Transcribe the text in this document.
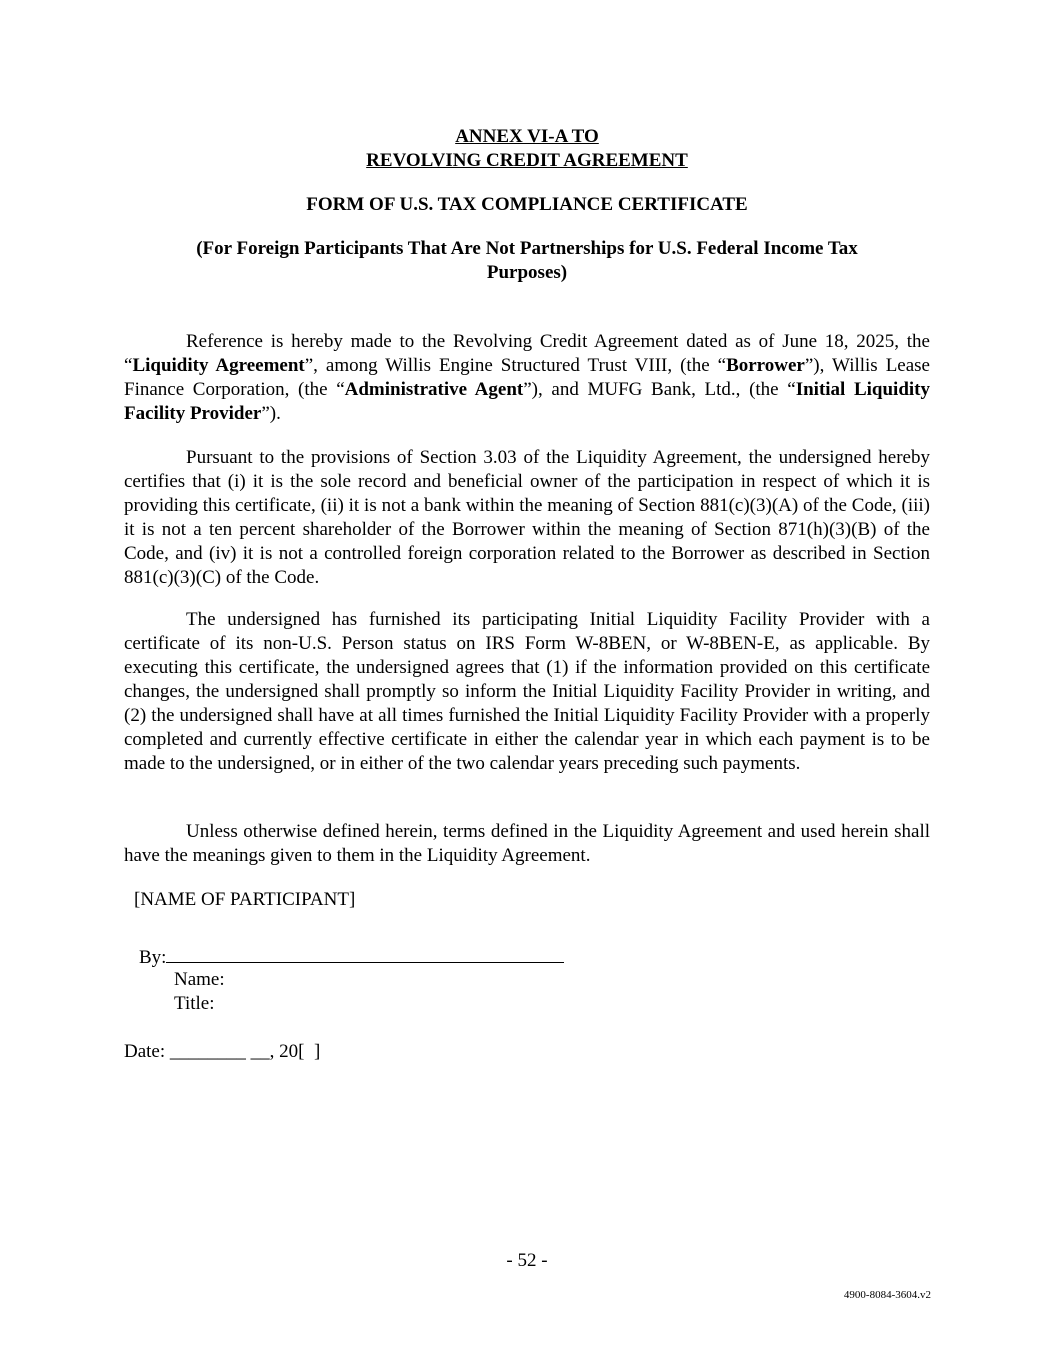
ANNEX VI-A TO
REVOLVING CREDIT AGREEMENT
FORM OF U.S. TAX COMPLIANCE CERTIFICATE
(For Foreign Participants That Are Not Partnerships for U.S. Federal Income Tax Purposes)

Reference is hereby made to the Revolving Credit Agreement dated as of June 18, 2025, the “Liquidity Agreement”, among Willis Engine Structured Trust VIII, (the “Borrower”), Willis Lease Finance Corporation, (the “Administrative Agent”), and MUFG Bank, Ltd., (the “Initial Liquidity Facility Provider”).

Pursuant to the provisions of Section 3.03 of the Liquidity Agreement, the undersigned hereby certifies that (i) it is the sole record and beneficial owner of the participation in respect of which it is providing this certificate, (ii) it is not a bank within the meaning of Section 881(c)(3)(A) of the Code, (iii) it is not a ten percent shareholder of the Borrower within the meaning of Section 871(h)(3)(B) of the Code, and (iv) it is not a controlled foreign corporation related to the Borrower as described in Section 881(c)(3)(C) of the Code.

The undersigned has furnished its participating Initial Liquidity Facility Provider with a certificate of its non-U.S. Person status on IRS Form W-8BEN, or W-8BEN-E, as applicable. By executing this certificate, the undersigned agrees that (1) if the information provided on this certificate changes, the undersigned shall promptly so inform the Initial Liquidity Facility Provider in writing, and (2) the undersigned shall have at all times furnished the Initial Liquidity Facility Provider with a properly completed and currently effective certificate in either the calendar year in which each payment is to be made to the undersigned, or in either of the two calendar years preceding such payments.

Unless otherwise defined herein, terms defined in the Liquidity Agreement and used herein shall have the meanings given to them in the Liquidity Agreement.

[NAME OF PARTICIPANT]
By:
Name:
Title:
Date: ________ __, 20[  ]
- 52 -
4900-8084-3604.v2
